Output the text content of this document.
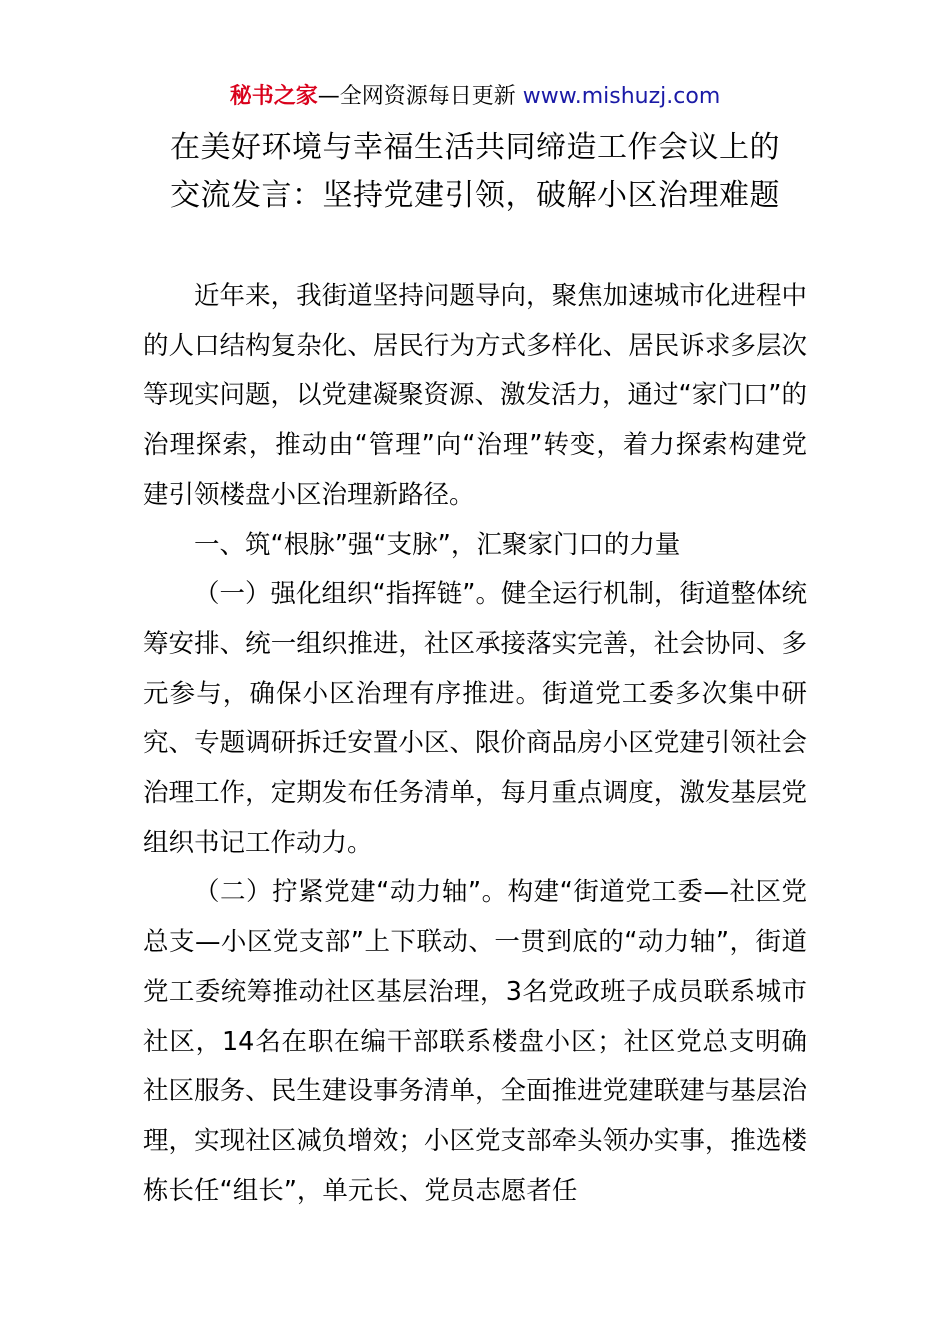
秘书之家—全网资源每日更新 www.mishuzj.com
在美好环境与幸福生活共同缔造工作会议上的
交流发言：坚持党建引领，破解小区治理难题

近年来，我街道坚持问题导向，聚焦加速城市化进程中的人口结构复杂化、居民行为方式多样化、居民诉求多层次等现实问题，以党建凝聚资源、激发活力，通过“家门口”的治理探索，推动由“管理”向“治理”转变，着力探索构建党建引领楼盘小区治理新路径。

一、筑“根脉”强“支脉”，汇聚家门口的力量

（一）强化组织“指挥链”。健全运行机制，街道整体统筹安排、统一组织推进，社区承接落实完善，社会协同、多元参与，确保小区治理有序推进。街道党工委多次集中研究、专题调研拆迁安置小区、限价商品房小区党建引领社会治理工作，定期发布任务清单，每月重点调度，激发基层党组织书记工作动力。

（二）拧紧党建“动力轴”。构建“街道党工委—社区党总支—小区党支部”上下联动、一贯到底的“动力轴”，街道党工委统筹推动社区基层治理，3名党政班子成员联系城市社区，14名在职在编干部联系楼盘小区；社区党总支明确社区服务、民生建设事务清单，全面推进党建联建与基层治理，实现社区减负增效；小区党支部牵头领办实事，推选楼栋长任“组长”，单元长、党员志愿者任
